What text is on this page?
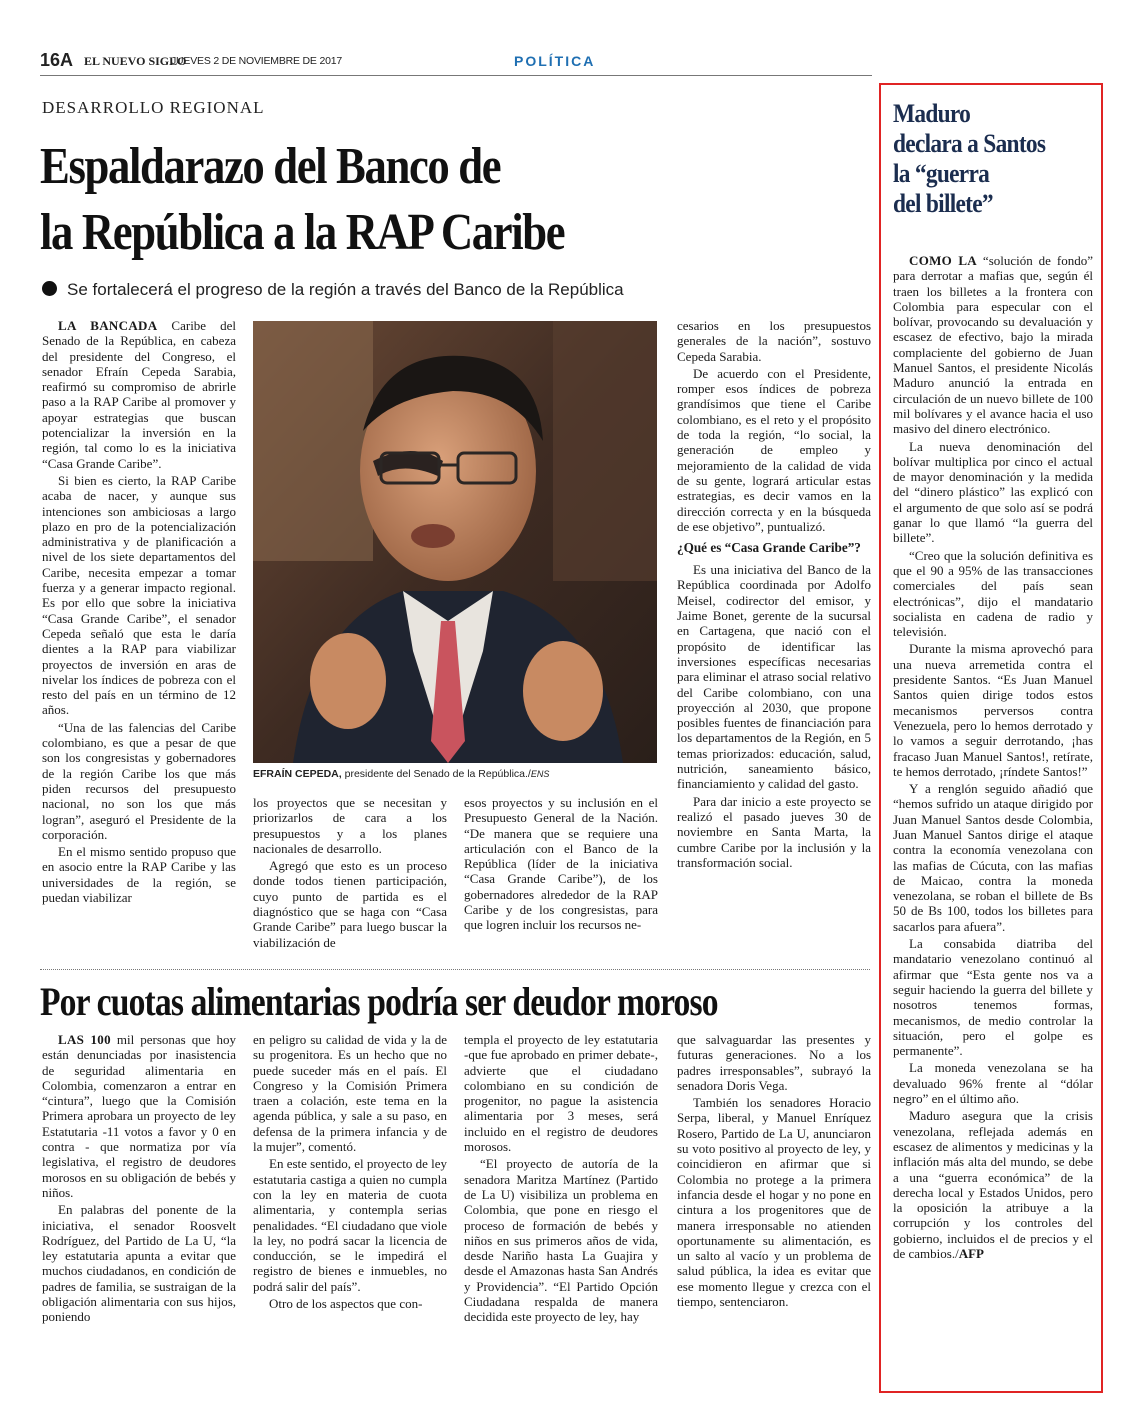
16A EL NUEVO SIGLO
JUEVES 2 DE NOVIEMBRE DE 2017	POLÍTICA
DESARROLLO REGIONAL
Espaldarazo del Banco de
la República a la RAP Caribe
Se fortalecerá el progreso de la región a través del Banco de la República

LA BANCADA Caribe del Senado de la República, en cabeza del presidente del Congreso, el senador Efraín Cepeda Sarabia, reafirmó su compromiso de abrirle paso a la RAP Caribe al promover y apoyar estrategias que buscan potencializar la inversión en la región, tal como lo es la iniciativa “Casa Grande Caribe”.

Si bien es cierto, la RAP Caribe acaba de nacer, y aunque sus intenciones son ambiciosas a largo plazo en pro de la potencialización administrativa y de planificación a nivel de los siete departamentos del Caribe, necesita empezar a tomar fuerza y a generar impacto regional. Es por ello que sobre la iniciativa “Casa Grande Caribe”, el senador Cepeda señaló que esta le daría dientes a la RAP para viabilizar proyectos de inversión en aras de nivelar los índices de pobreza con el resto del país en un término de 12 años.

“Una de las falencias del Caribe colombiano, es que a pesar de que son los congresistas y gobernadores de la región Caribe los que más piden recursos del presupuesto nacional, no son los que más logran”, aseguró el Presidente de la corporación.

En el mismo sentido propuso que en asocio entre la RAP Caribe y las universidades de la región, se puedan viabilizar

EFRAÍN CEPEDA, presidente del Senado de la República./ENS

los proyectos que se necesitan y priorizarlos de cara a los presupuestos y a los planes nacionales de desarrollo.

Agregó que esto es un proceso donde todos tienen participación, cuyo punto de partida es el diagnóstico que se haga con “Casa Grande Caribe” para luego buscar la viabilización de

esos proyectos y su inclusión en el Presupuesto General de la Nación. “De manera que se requiere una articulación con el Banco de la República (líder de la iniciativa “Casa Grande Caribe”), de los gobernadores alrededor de la RAP Caribe y de los congresistas, para que logren incluir los recursos ne-

cesarios en los presupuestos generales de la nación”, sostuvo Cepeda Sarabia.

De acuerdo con el Presidente, romper esos índices de pobreza grandísimos que tiene el Caribe colombiano, es el reto y el propósito de toda la región, “lo social, la generación de empleo y mejoramiento de la calidad de vida de su gente, logrará articular estas estrategias, es decir vamos en la dirección correcta y en la búsqueda de ese objetivo”, puntualizó.

¿Qué es “Casa Grande Caribe”?

Es una iniciativa del Banco de la República coordinada por Adolfo Meisel, codirector del emisor, y Jaime Bonet, gerente de la sucursal en Cartagena, que nació con el propósito de identificar las inversiones específicas necesarias para eliminar el atraso social relativo del Caribe colombiano, con una proyección al 2030, que propone posibles fuentes de financiación para los departamentos de la Región, en 5 temas priorizados: educación, salud, nutrición, saneamiento básico, financiamiento y calidad del gasto.

Para dar inicio a este proyecto se realizó el pasado jueves 30 de noviembre en Santa Marta, la cumbre Caribe por la inclusión y la transformación social.

Por cuotas alimentarias podría ser deudor moroso

LAS 100 mil personas que hoy están denunciadas por inasistencia de seguridad alimentaria en Colombia, comenzaron a entrar en “cintura”, luego que la Comisión Primera aprobara un proyecto de ley Estatutaria -11 votos a favor y 0 en contra - que normatiza por vía legislativa, el registro de deudores morosos en su obligación de bebés y niños.

En palabras del ponente de la iniciativa, el senador Roosvelt Rodríguez, del Partido de La U, “la ley estatutaria apunta a evitar que muchos ciudadanos, en condición de padres de familia, se sustraigan de la obligación alimentaria con sus hijos, poniendo

en peligro su calidad de vida y la de su progenitora. Es un hecho que no puede suceder más en el país. El Congreso y la Comisión Primera traen a colación, este tema en la agenda pública, y sale a su paso, en defensa de la primera infancia y de la mujer”, comentó.

En este sentido, el proyecto de ley estatutaria castiga a quien no cumpla con la ley en materia de cuota alimentaria, y contempla serias penalidades. “El ciudadano que viole la ley, no podrá sacar la licencia de conducción, se le impedirá el registro de bienes e inmuebles, no podrá salir del país”.

Otro de los aspectos que con-

templa el proyecto de ley estatutaria -que fue aprobado en primer debate-, advierte que el ciudadano colombiano en su condición de progenitor, no pague la asistencia alimentaria por 3 meses, será incluido en el registro de deudores morosos.

“El proyecto de autoría de la senadora Maritza Martínez (Partido de La U) visibiliza un problema en Colombia, que pone en riesgo el proceso de formación de bebés y niños en sus primeros años de vida, desde Nariño hasta La Guajira y desde el Amazonas hasta San Andrés y Providencia”. “El Partido Opción Ciudadana respalda de manera decidida este proyecto de ley, hay

que salvaguardar las presentes y futuras generaciones. No a los padres irresponsables”, subrayó la senadora Doris Vega.

También los senadores Horacio Serpa, liberal, y Manuel Enríquez Rosero, Partido de La U, anunciaron su voto positivo al proyecto de ley, y coincidieron en afirmar que si Colombia no protege a la primera infancia desde el hogar y no pone en cintura a los progenitores que de manera irresponsable no atienden oportunamente su alimentación, es un salto al vacío y un problema de salud pública, la idea es evitar que ese momento llegue y crezca con el tiempo, sentenciaron.

Maduro
declara a Santos
la “guerra
del billete”

COMO LA “solución de fondo” para derrotar a mafias que, según él traen los billetes a la frontera con Colombia para especular con el bolívar, provocando su devaluación y escasez de efectivo, bajo la mirada complaciente del gobierno de Juan Manuel Santos, el presidente Nicolás Maduro anunció la entrada en circulación de un nuevo billete de 100 mil bolívares y el avance hacia el uso masivo del dinero electrónico.

La nueva denominación del bolívar multiplica por cinco el actual de mayor denominación y la medida del “dinero plástico” las explicó con el argumento de que solo así se podrá ganar lo que llamó “la guerra del billete”.

“Creo que la solución definitiva es que el 90 a 95% de las transacciones comerciales del país sean electrónicas”, dijo el mandatario socialista en cadena de radio y televisión.

Durante la misma aprovechó para una nueva arremetida contra el presidente Santos. “Es Juan Manuel Santos quien dirige todos estos mecanismos perversos contra Venezuela, pero lo hemos derrotado y lo vamos a seguir derrotando, ¡has fracaso Juan Manuel Santos!, retírate, te hemos derrotado, ¡ríndete Santos!”

Y a renglón seguido añadió que “hemos sufrido un ataque dirigido por Juan Manuel Santos desde Colombia, Juan Manuel Santos dirige el ataque contra la economía venezolana con las mafias de Cúcuta, con las mafias de Maicao, contra la moneda venezolana, se roban el billete de Bs 50 de Bs 100, todos los billetes para sacarlos para afuera”.

La consabida diatriba del mandatario venezolano continuó al afirmar que “Esta gente nos va a seguir haciendo la guerra del billete y nosotros tenemos formas, mecanismos, de medio controlar la situación, pero el golpe es permanente”.

La moneda venezolana se ha devaluado 96% frente al “dólar negro” en el último año.

Maduro asegura que la crisis venezolana, reflejada además en escasez de alimentos y medicinas y la inflación más alta del mundo, se debe a una “guerra económica” de la derecha local y Estados Unidos, pero la oposición la atribuye a la corrupción y los controles del gobierno, incluidos el de precios y el de cambios./AFP
